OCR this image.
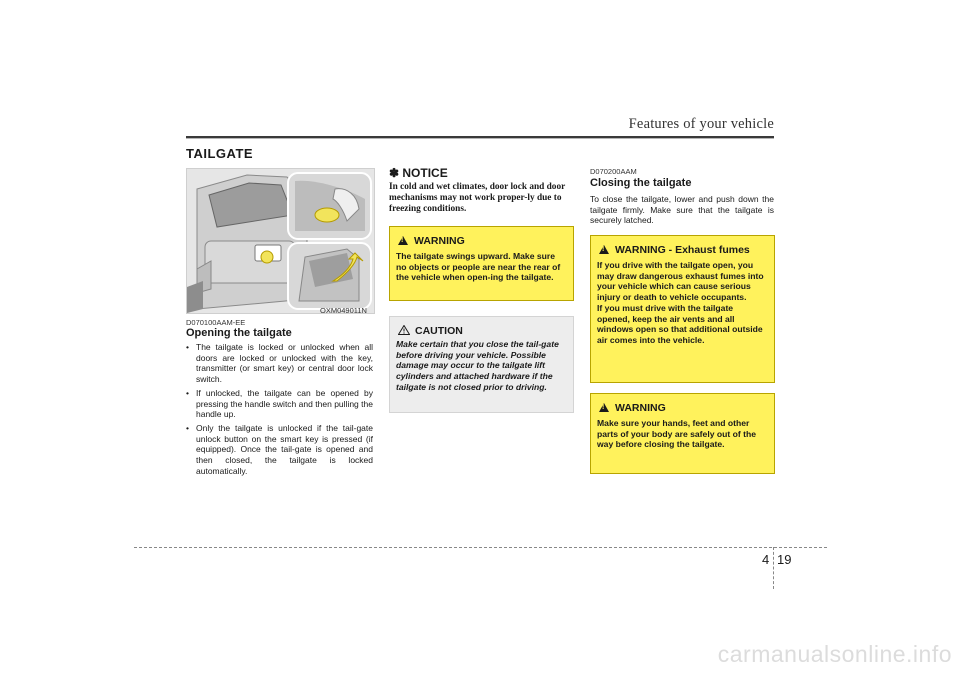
Features of your vehicle
TAILGATE
OXM049011N
D070100AAM-EE
Opening the tailgate
• The tailgate is locked or unlocked when all doors are locked or unlocked with the key, transmitter (or smart key) or central door lock switch.
• If unlocked, the tailgate can be opened by pressing the handle switch and then pulling the handle up.
• Only the tailgate is unlocked if the tail-gate unlock button on the smart key is pressed (if equipped). Once the tail-gate is opened and then closed, the tailgate is locked automatically.
✽ NOTICE
In cold and wet climates, door lock and door mechanisms may not work proper-ly due to freezing conditions.
!
WARNING
The tailgate swings upward. Make sure no objects or people are near the rear of the vehicle when open-ing the tailgate.
CAUTION
Make certain that you close the tail-gate before driving your vehicle. Possible damage may occur to the tailgate lift cylinders and attached hardware if the tailgate is not closed prior to driving.
D070200AAM
Closing the tailgate
To close the tailgate, lower and push down the tailgate firmly. Make sure that the tailgate is securely latched.
!
WARNING - Exhaust fumes
If you drive with the tailgate open, you may draw dangerous exhaust fumes into your vehicle which can cause serious injury or death to vehicle occupants.
If you must drive with the tailgate opened, keep the air vents and all windows open so that additional outside air comes into the vehicle.
!
WARNING
Make sure your hands, feet and other parts of your body are safely out of the way before closing the tailgate.
4 19
carmanualsonline.info
